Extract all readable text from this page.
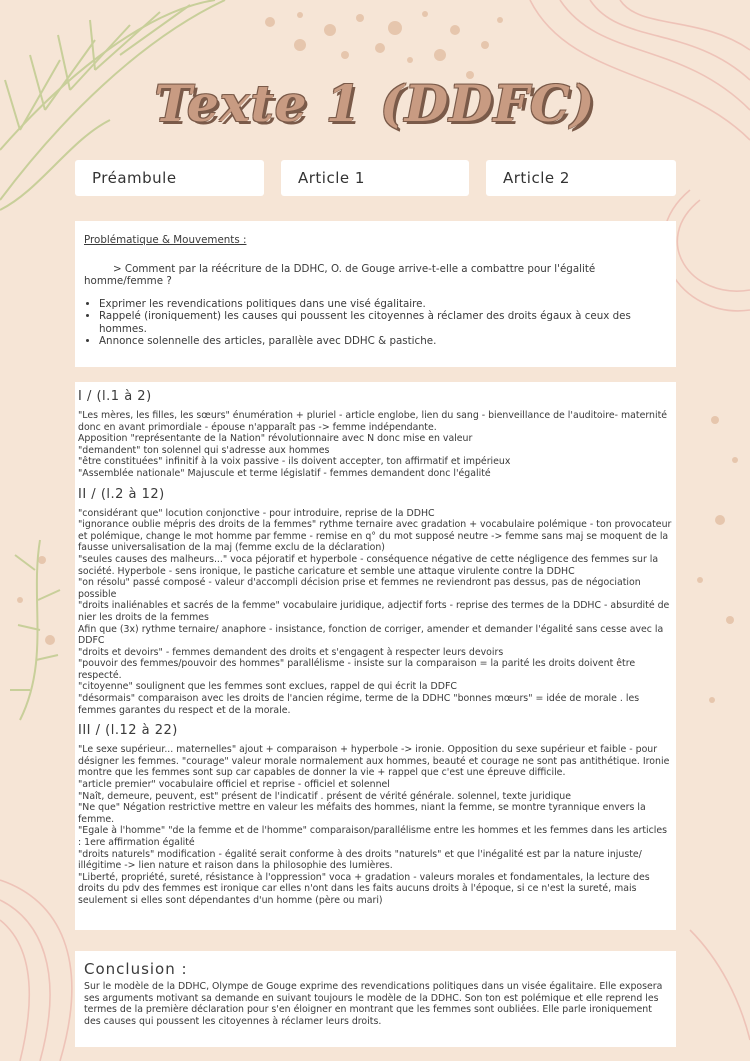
Texte 1 (DDFC)
Préambule	Article 1	Article 2
Problématique & Mouvements :
> Comment par la réécriture de la DDHC, O. de Gouge arrive-t-elle a combattre pour l'égalité homme/femme ?
• Exprimer les revendications politiques dans une visé égalitaire.
• Rappelé (ironiquement) les causes qui poussent les citoyennes à réclamer des droits égaux à ceux des hommes.
• Annonce solennelle des articles, parallèle avec DDHC & pastiche.
I / (l.1 à 2)

"Les mères, les filles, les sœurs" énumération + pluriel - article englobe, lien du sang - bienveillance de l'auditoire- maternité donc en avant primordiale - épouse n'apparaît pas -> femme indépendante.

Apposition "représentante de la Nation" révolutionnaire avec N donc mise en valeur

"demandent" ton solennel qui s'adresse aux hommes

"être constituées" infinitif à la voix passive - ils doivent accepter, ton affirmatif et impérieux

"Assemblée nationale" Majuscule et terme législatif - femmes demandent donc l'égalité

II / (l.2 à 12)

"considérant que" locution conjonctive - pour introduire, reprise de la DDHC

"ignorance oublie mépris des droits de la femmes" rythme ternaire avec gradation + vocabulaire polémique - ton provocateur et polémique, change le mot homme par femme - remise en q° du mot supposé neutre -> femme sans maj se moquent de la fausse universalisation de la maj (femme exclu de la déclaration)

"seules causes des malheurs..." voca péjoratif et hyperbole - conséquence négative de cette négligence des femmes sur la société. Hyperbole - sens ironique, le pastiche caricature et semble une attaque virulente contre la DDHC

"on résolu" passé composé - valeur d'accompli décision prise et femmes ne reviendront pas dessus, pas de négociation possible

"droits inaliénables et sacrés de la femme" vocabulaire juridique, adjectif forts - reprise des termes de la DDHC - absurdité de nier les droits de la femmes

Afin que (3x) rythme ternaire/ anaphore - insistance, fonction de corriger, amender et demander l'égalité sans cesse avec la DDFC

"droits et devoirs" - femmes demandent des droits et s'engagent à respecter leurs devoirs

"pouvoir des femmes/pouvoir des hommes" parallélisme - insiste sur la comparaison = la parité les droits doivent être respecté.

"citoyenne" soulignent que les femmes sont exclues, rappel de qui écrit la DDFC

"désormais" comparaison avec les droits de l'ancien régime, terme de la DDHC "bonnes mœurs" = idée de morale . les femmes garantes du respect et de la morale.

III / (l.12 à 22)

"Le sexe supérieur... maternelles" ajout + comparaison + hyperbole -> ironie. Opposition du sexe supérieur et faible - pour désigner les femmes. "courage" valeur morale normalement aux hommes, beauté et courage ne sont pas antithétique. Ironie montre que les femmes sont sup car capables de donner la vie + rappel que c'est une épreuve difficile.

"article premier" vocabulaire officiel et reprise - officiel et solennel

"Naît, demeure, peuvent, est" présent de l'indicatif . présent de vérité générale. solennel, texte juridique

"Ne que" Négation restrictive mettre en valeur les méfaits des hommes, niant la femme, se montre tyrannique envers la femme.

"Egale à l'homme" "de la femme et de l'homme" comparaison/parallélisme entre les hommes et les femmes dans les articles : 1ere affirmation égalité

"droits naturels" modification - égalité serait conforme à des droits "naturels" et que l'inégalité est par la nature injuste/ illégitime -> lien nature et raison dans la philosophie des lumières.

"Liberté, propriété, sureté, résistance à l'oppression" voca + gradation - valeurs morales et fondamentales, la lecture des droits du pdv des femmes est ironique car elles n'ont dans les faits aucuns droits à l'époque, si ce n'est la sureté, mais seulement si elles sont dépendantes d'un homme (père ou mari)

Conclusion :
Sur le modèle de la DDHC, Olympe de Gouge exprime des revendications politiques dans un visée égalitaire. Elle exposera ses arguments motivant sa demande en suivant toujours le modèle de la DDHC. Son ton est polémique et elle reprend les termes de la première déclaration pour s'en éloigner en montrant que les femmes sont oubliées. Elle parle ironiquement des causes qui poussent les citoyennes à réclamer leurs droits.
